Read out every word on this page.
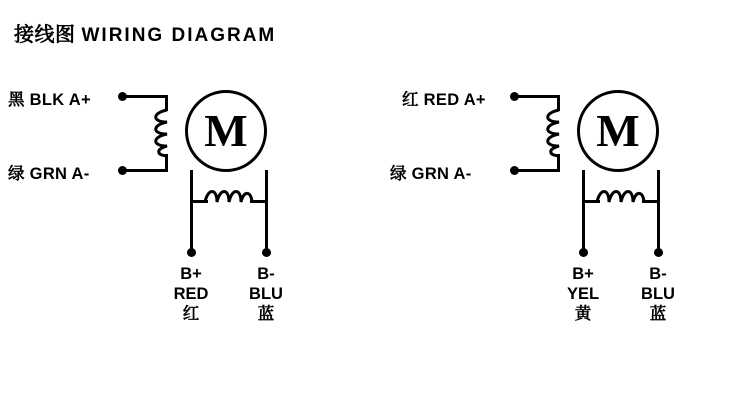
接线图 WIRING DIAGRAM
黑 BLK A+
绿 GRN A-
M
B+
RED
红
B-
BLU
蓝
红 RED A+
绿 GRN A-
M
B+
YEL
黄
B-
BLU
蓝
